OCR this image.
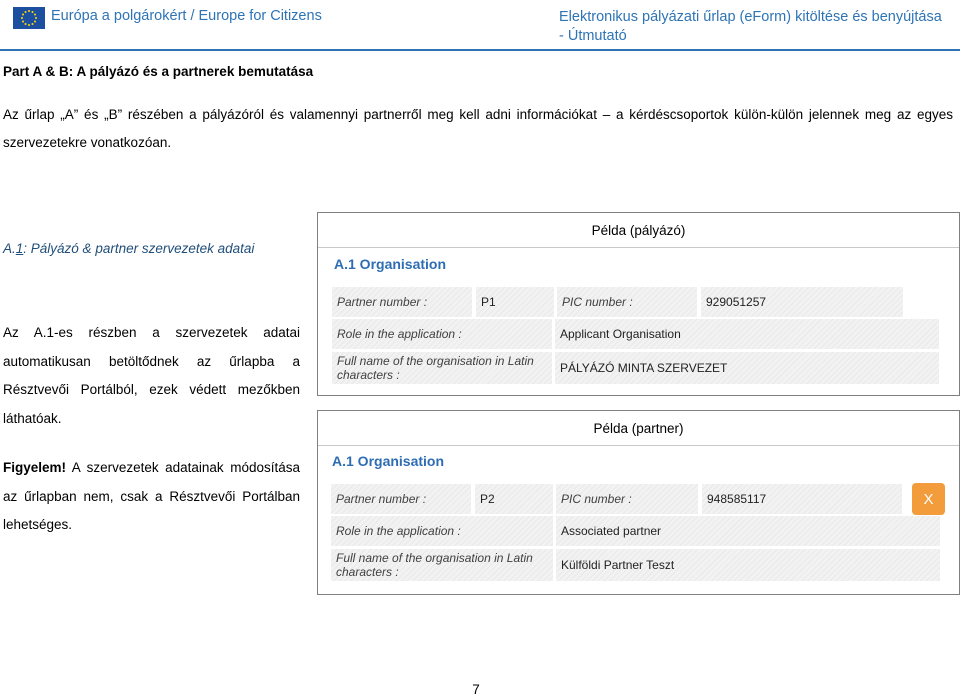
Európa a polgárokért / Europe for Citizens	Elektronikus pályázati űrlap (eForm) kitöltése és benyújtása - Útmutató
Part A & B: A pályázó és a partnerek bemutatása
Az űrlap „A” és „B” részében a pályázóról és valamennyi partnerről meg kell adni információkat – a kérdéscsoportok külön-külön jelennek meg az egyes szervezetekre vonatkozóan.
A.1: Pályázó & partner szervezetek adatai
Az A.1-es részben a szervezetek adatai automatikusan betöltődnek az űrlapba a Résztvevői Portálból, ezek védett mezőkben láthatóak.
Figyelem! A szervezetek adatainak módosítása az űrlapban nem, csak a Résztvevői Portálban lehetséges.
Példa (pályázó)
A.1 Organisation
Partner number :	P1	PIC number :	929051257
Role in the application :	Applicant Organisation
Full name of the organisation in Latin characters :	PÁLYÁZÓ MINTA SZERVEZET
Példa (partner)
A.1 Organisation
Partner number :	P2	PIC number :	948585117	X
Role in the application :	Associated partner
Full name of the organisation in Latin characters :	Külföldi Partner Teszt
7
